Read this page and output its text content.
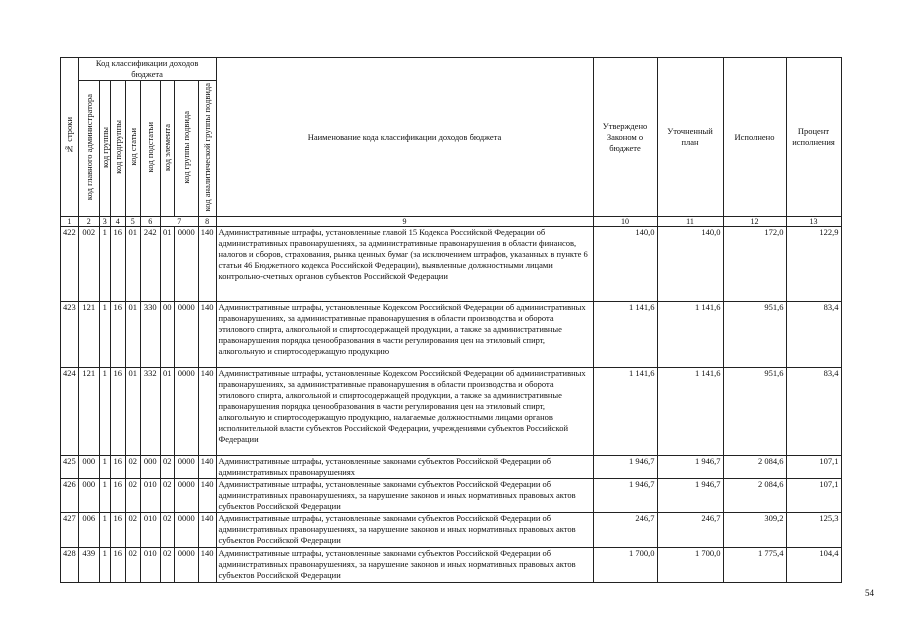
№ строки	Код классификации доходов бюджета								Наименование кода классификации доходов бюджета	Утверждено Законом о бюджете	Уточненный план	Исполнено	Процент исполнения
	код главного администратора	код группы	код подгруппы	код статьи	код подстатьи	код элемента	код группы подвида	код аналитической группы подвида					
1	2	3	4	5	6	7		8	9	10	11	12	13
422	002	1	16	01	242	01	0000	140	Административные штрафы, установленные главой 15 Кодекса Российской Федерации об административных правонарушениях, за административные правонарушения в области финансов, налогов и сборов, страхования, рынка ценных бумаг (за исключением штрафов, указанных в пункте 6 статьи 46 Бюджетного кодекса Российской Федерации), выявленные должностными лицами контрольно-счетных органов субъектов Российской Федерации	140,0	140,0	172,0	122,9
423	121	1	16	01	330	00	0000	140	Административные штрафы, установленные Кодексом Российской Федерации об административных правонарушениях, за административные правонарушения в области производства и оборота этилового спирта, алкогольной и спиртосодержащей продукции, а также за административные правонарушения порядка ценообразования в части регулирования цен на этиловый спирт, алкогольную и спиртосодержащую продукцию	1 141,6	1 141,6	951,6	83,4
424	121	1	16	01	332	01	0000	140	Административные штрафы, установленные Кодексом Российской Федерации об административных правонарушениях, за административные правонарушения в области производства и оборота этилового спирта, алкогольной и спиртосодержащей продукции, а также за административные правонарушения порядка ценообразования в части регулирования цен на этиловый спирт, алкогольную и спиртосодержащую продукцию, налагаемые должностными лицами органов исполнительной власти субъектов Российской Федерации, учреждениями субъектов Российской Федерации	1 141,6	1 141,6	951,6	83,4
425	000	1	16	02	000	02	0000	140	Административные штрафы, установленные законами субъектов Российской Федерации об административных правонарушениях	1 946,7	1 946,7	2 084,6	107,1
426	000	1	16	02	010	02	0000	140	Административные штрафы, установленные законами субъектов Российской Федерации об административных правонарушениях, за нарушение законов и иных нормативных правовых актов субъектов Российской Федерации	1 946,7	1 946,7	2 084,6	107,1
427	006	1	16	02	010	02	0000	140	Административные штрафы, установленные законами субъектов Российской Федерации об административных правонарушениях, за нарушение законов и иных нормативных правовых актов субъектов Российской Федерации	246,7	246,7	309,2	125,3
428	439	1	16	02	010	02	0000	140	Административные штрафы, установленные законами субъектов Российской Федерации об административных правонарушениях, за нарушение законов и иных нормативных правовых актов субъектов Российской Федерации	1 700,0	1 700,0	1 775,4	104,4
54
